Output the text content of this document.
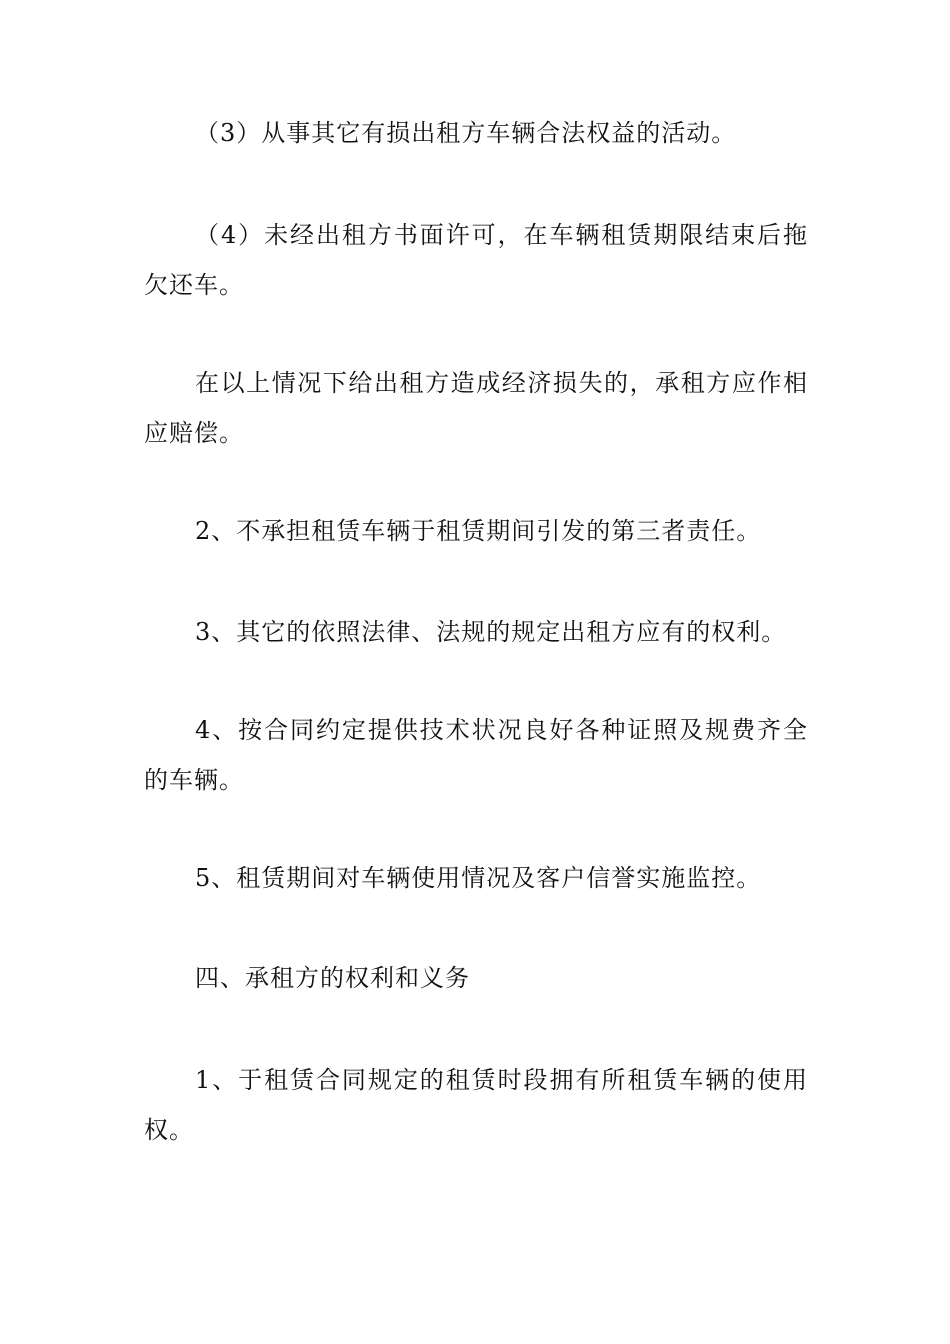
（3）从事其它有损出租方车辆合法权益的活动。

（4）未经出租方书面许可，在车辆租赁期限结束后拖欠还车。

在以上情况下给出租方造成经济损失的，承租方应作相应赔偿。

2、不承担租赁车辆于租赁期间引发的第三者责任。

3、其它的依照法律、法规的规定出租方应有的权利。

4、按合同约定提供技术状况良好各种证照及规费齐全的车辆。

5、租赁期间对车辆使用情况及客户信誉实施监控。

四、承租方的权利和义务

1、于租赁合同规定的租赁时段拥有所租赁车辆的使用权。
